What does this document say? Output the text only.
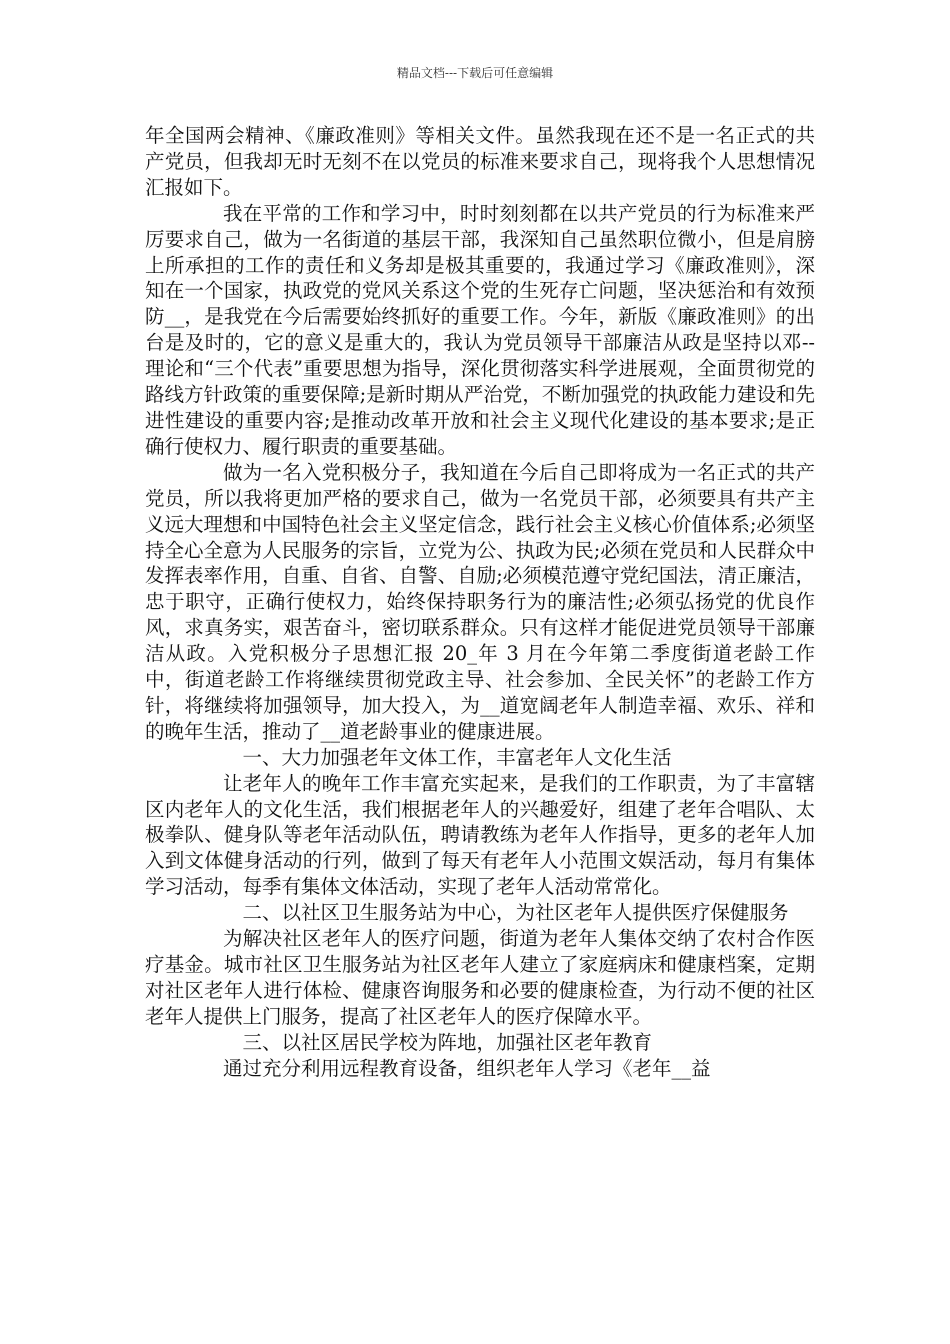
精品文档---下载后可任意编辑

年全国两会精神、《廉政准则》等相关文件。虽然我现在还不是一名正式的共产党员，但我却无时无刻不在以党员的标准来要求自己，现将我个人思想情况汇报如下。

我在平常的工作和学习中，时时刻刻都在以共产党员的行为标准来严厉要求自己，做为一名街道的基层干部，我深知自己虽然职位微小，但是肩膀上所承担的工作的责任和义务却是极其重要的，我通过学习《廉政准则》，深知在一个国家，执政党的党风关系这个党的生死存亡问题，坚决惩治和有效预防__，是我党在今后需要始终抓好的重要工作。今年，新版《廉政准则》的出台是及时的，它的意义是重大的，我认为党员领导干部廉洁从政是坚持以邓--理论和“三个代表”重要思想为指导，深化贯彻落实科学进展观，全面贯彻党的路线方针政策的重要保障;是新时期从严治党，不断加强党的执政能力建设和先进性建设的重要内容;是推动改革开放和社会主义现代化建设的基本要求;是正确行使权力、履行职责的重要基础。

做为一名入党积极分子，我知道在今后自己即将成为一名正式的共产党员，所以我将更加严格的要求自己，做为一名党员干部，必须要具有共产主义远大理想和中国特色社会主义坚定信念，践行社会主义核心价值体系;必须坚持全心全意为人民服务的宗旨，立党为公、执政为民;必须在党员和人民群众中发挥表率作用，自重、自省、自警、自励;必须模范遵守党纪国法，清正廉洁，忠于职守，正确行使权力，始终保持职务行为的廉洁性;必须弘扬党的优良作风，求真务实，艰苦奋斗，密切联系群众。只有这样才能促进党员领导干部廉洁从政。入党积极分子思想汇报 20_年 3 月在今年第二季度街道老龄工作中，街道老龄工作将继续贯彻党政主导、社会参加、全民关怀”的老龄工作方针，将继续将加强领导，加大投入，为__道宽阔老年人制造幸福、欢乐、祥和的晚年生活，推动了__道老龄事业的健康进展。

一、大力加强老年文体工作，丰富老年人文化生活

让老年人的晚年工作丰富充实起来，是我们的工作职责，为了丰富辖区内老年人的文化生活，我们根据老年人的兴趣爱好，组建了老年合唱队、太极拳队、健身队等老年活动队伍，聘请教练为老年人作指导，更多的老年人加入到文体健身活动的行列，做到了每天有老年人小范围文娱活动，每月有集体学习活动，每季有集体文体活动，实现了老年人活动常常化。

二、以社区卫生服务站为中心，为社区老年人提供医疗保健服务

为解决社区老年人的医疗问题，街道为老年人集体交纳了农村合作医疗基金。城市社区卫生服务站为社区老年人建立了家庭病床和健康档案，定期对社区老年人进行体检、健康咨询服务和必要的健康检查，为行动不便的社区老年人提供上门服务，提高了社区老年人的医疗保障水平。

三、以社区居民学校为阵地，加强社区老年教育

通过充分利用远程教育设备，组织老年人学习《老年__益
